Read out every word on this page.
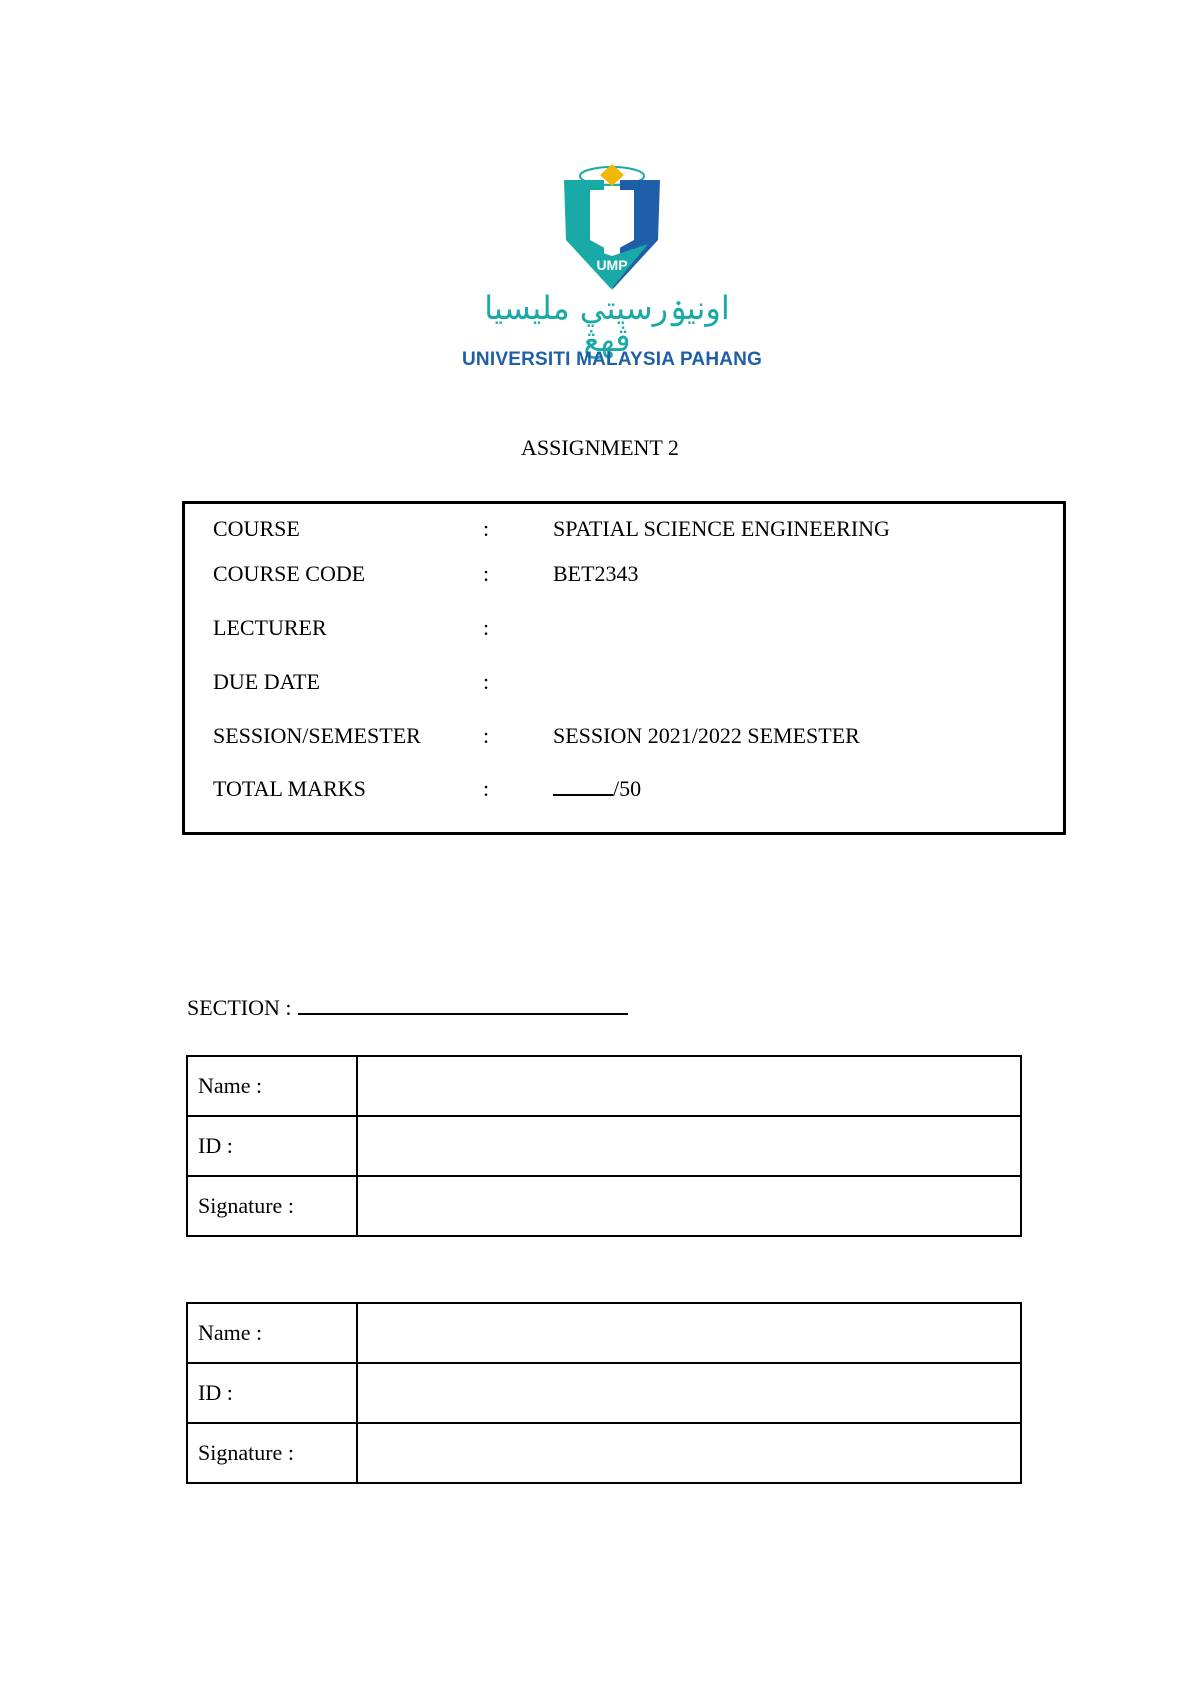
UMP
اونيۏرسيتي مليسيا ڤهڠ
UNIVERSITI MALAYSIA PAHANG
ASSIGNMENT 2
COURSE	:	SPATIAL SCIENCE ENGINEERING
COURSE CODE	:	BET2343
LECTURER	:
DUE DATE	:
SESSION/SEMESTER	:	SESSION 2021/2022 SEMESTER
TOTAL MARKS	:	/50
SECTION :
Name :	
ID :	
Signature :	
Name :	
ID :	
Signature :	
